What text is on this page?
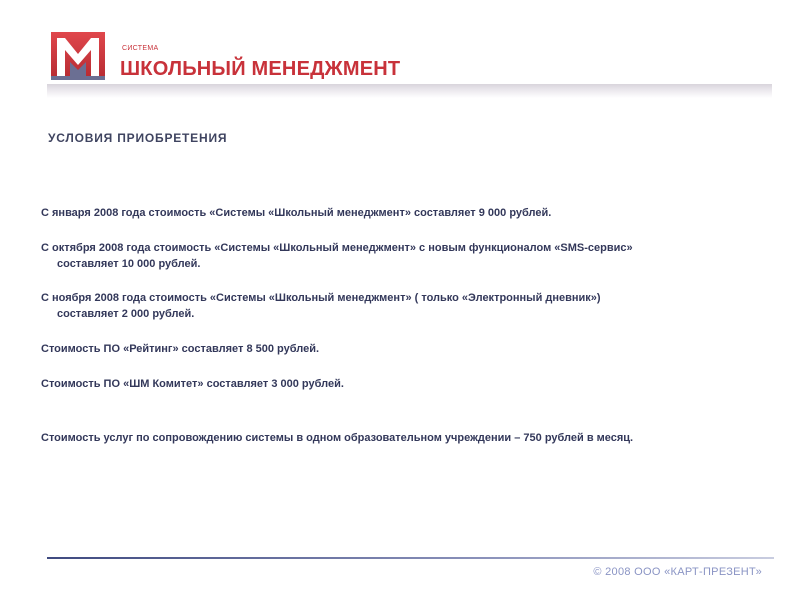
СИСТЕМА
ШКОЛЬНЫЙ МЕНЕДЖМЕНТ
УСЛОВИЯ ПРИОБРЕТЕНИЯ
С января 2008 года стоимость «Системы «Школьный менеджмент» составляет 9 000 рублей.
С октября 2008 года стоимость «Системы «Школьный менеджмент» с новым функционалом «SMS-сервис»
составляет 10 000 рублей.
С ноября 2008 года стоимость «Системы «Школьный менеджмент» ( только «Электронный дневник»)
составляет 2 000 рублей.
Стоимость ПО «Рейтинг» составляет 8 500 рублей.
Стоимость ПО «ШМ Комитет» составляет 3 000 рублей.
Стоимость услуг по сопровождению системы в одном образовательном учреждении – 750 рублей в месяц.
© 2008 ООО «КАРТ-ПРЕЗЕНТ»
